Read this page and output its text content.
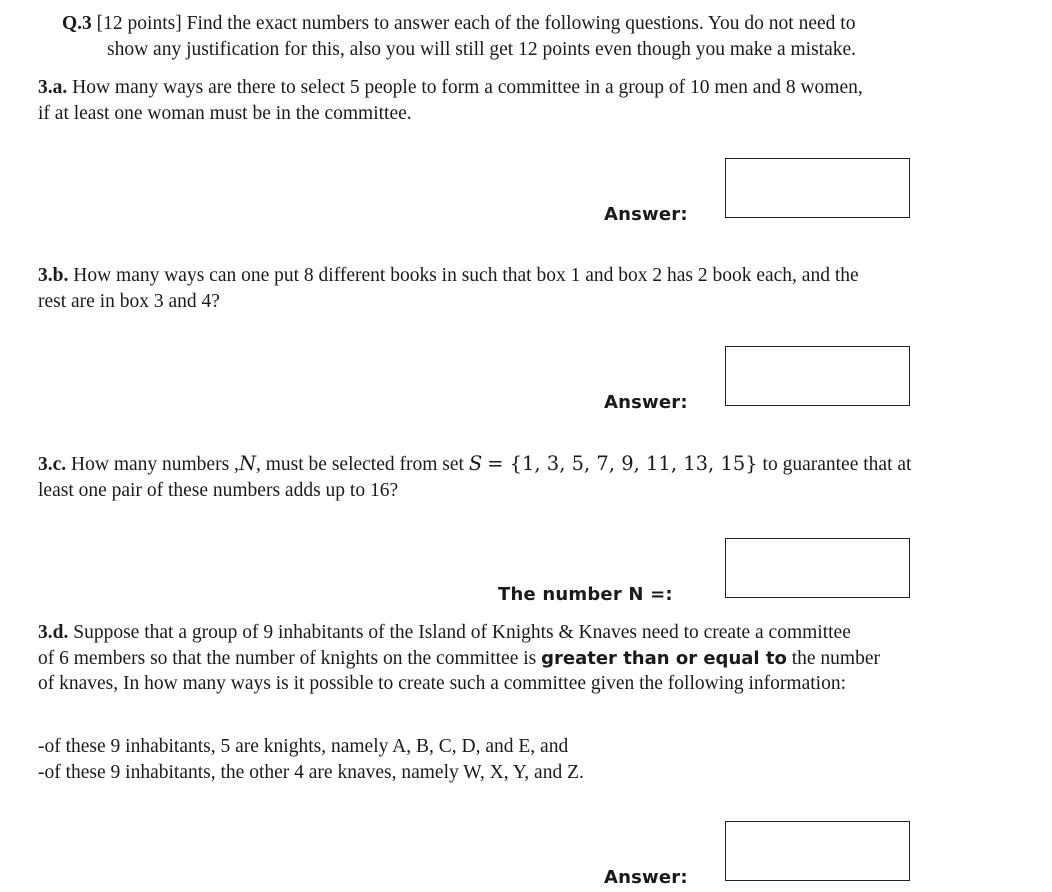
Q.3 [12 points] Find the exact numbers to answer each of the following questions. You do not need to
show any justification for this, also you will still get 12 points even though you make a mistake.
3.a. How many ways are there to select 5 people to form a committee in a group of 10 men and 8 women,
if at least one woman must be in the committee.
Answer:
3.b. How many ways can one put 8 different books in such that box 1 and box 2 has 2 book each, and the
rest are in box 3 and 4?
Answer:
3.c. How many numbers ,N, must be selected from set S = {1, 3, 5, 7, 9, 11, 13, 15} to guarantee that at
least one pair of these numbers adds up to 16?
The number N =:
3.d. Suppose that a group of 9 inhabitants of the Island of Knights & Knaves need to create a committee
of 6 members so that the number of knights on the committee is greater than or equal to the number
of knaves, In how many ways is it possible to create such a committee given the following information:
-of these 9 inhabitants, 5 are knights, namely A, B, C, D, and E, and
-of these 9 inhabitants, the other 4 are knaves, namely W, X, Y, and Z.
Answer:
